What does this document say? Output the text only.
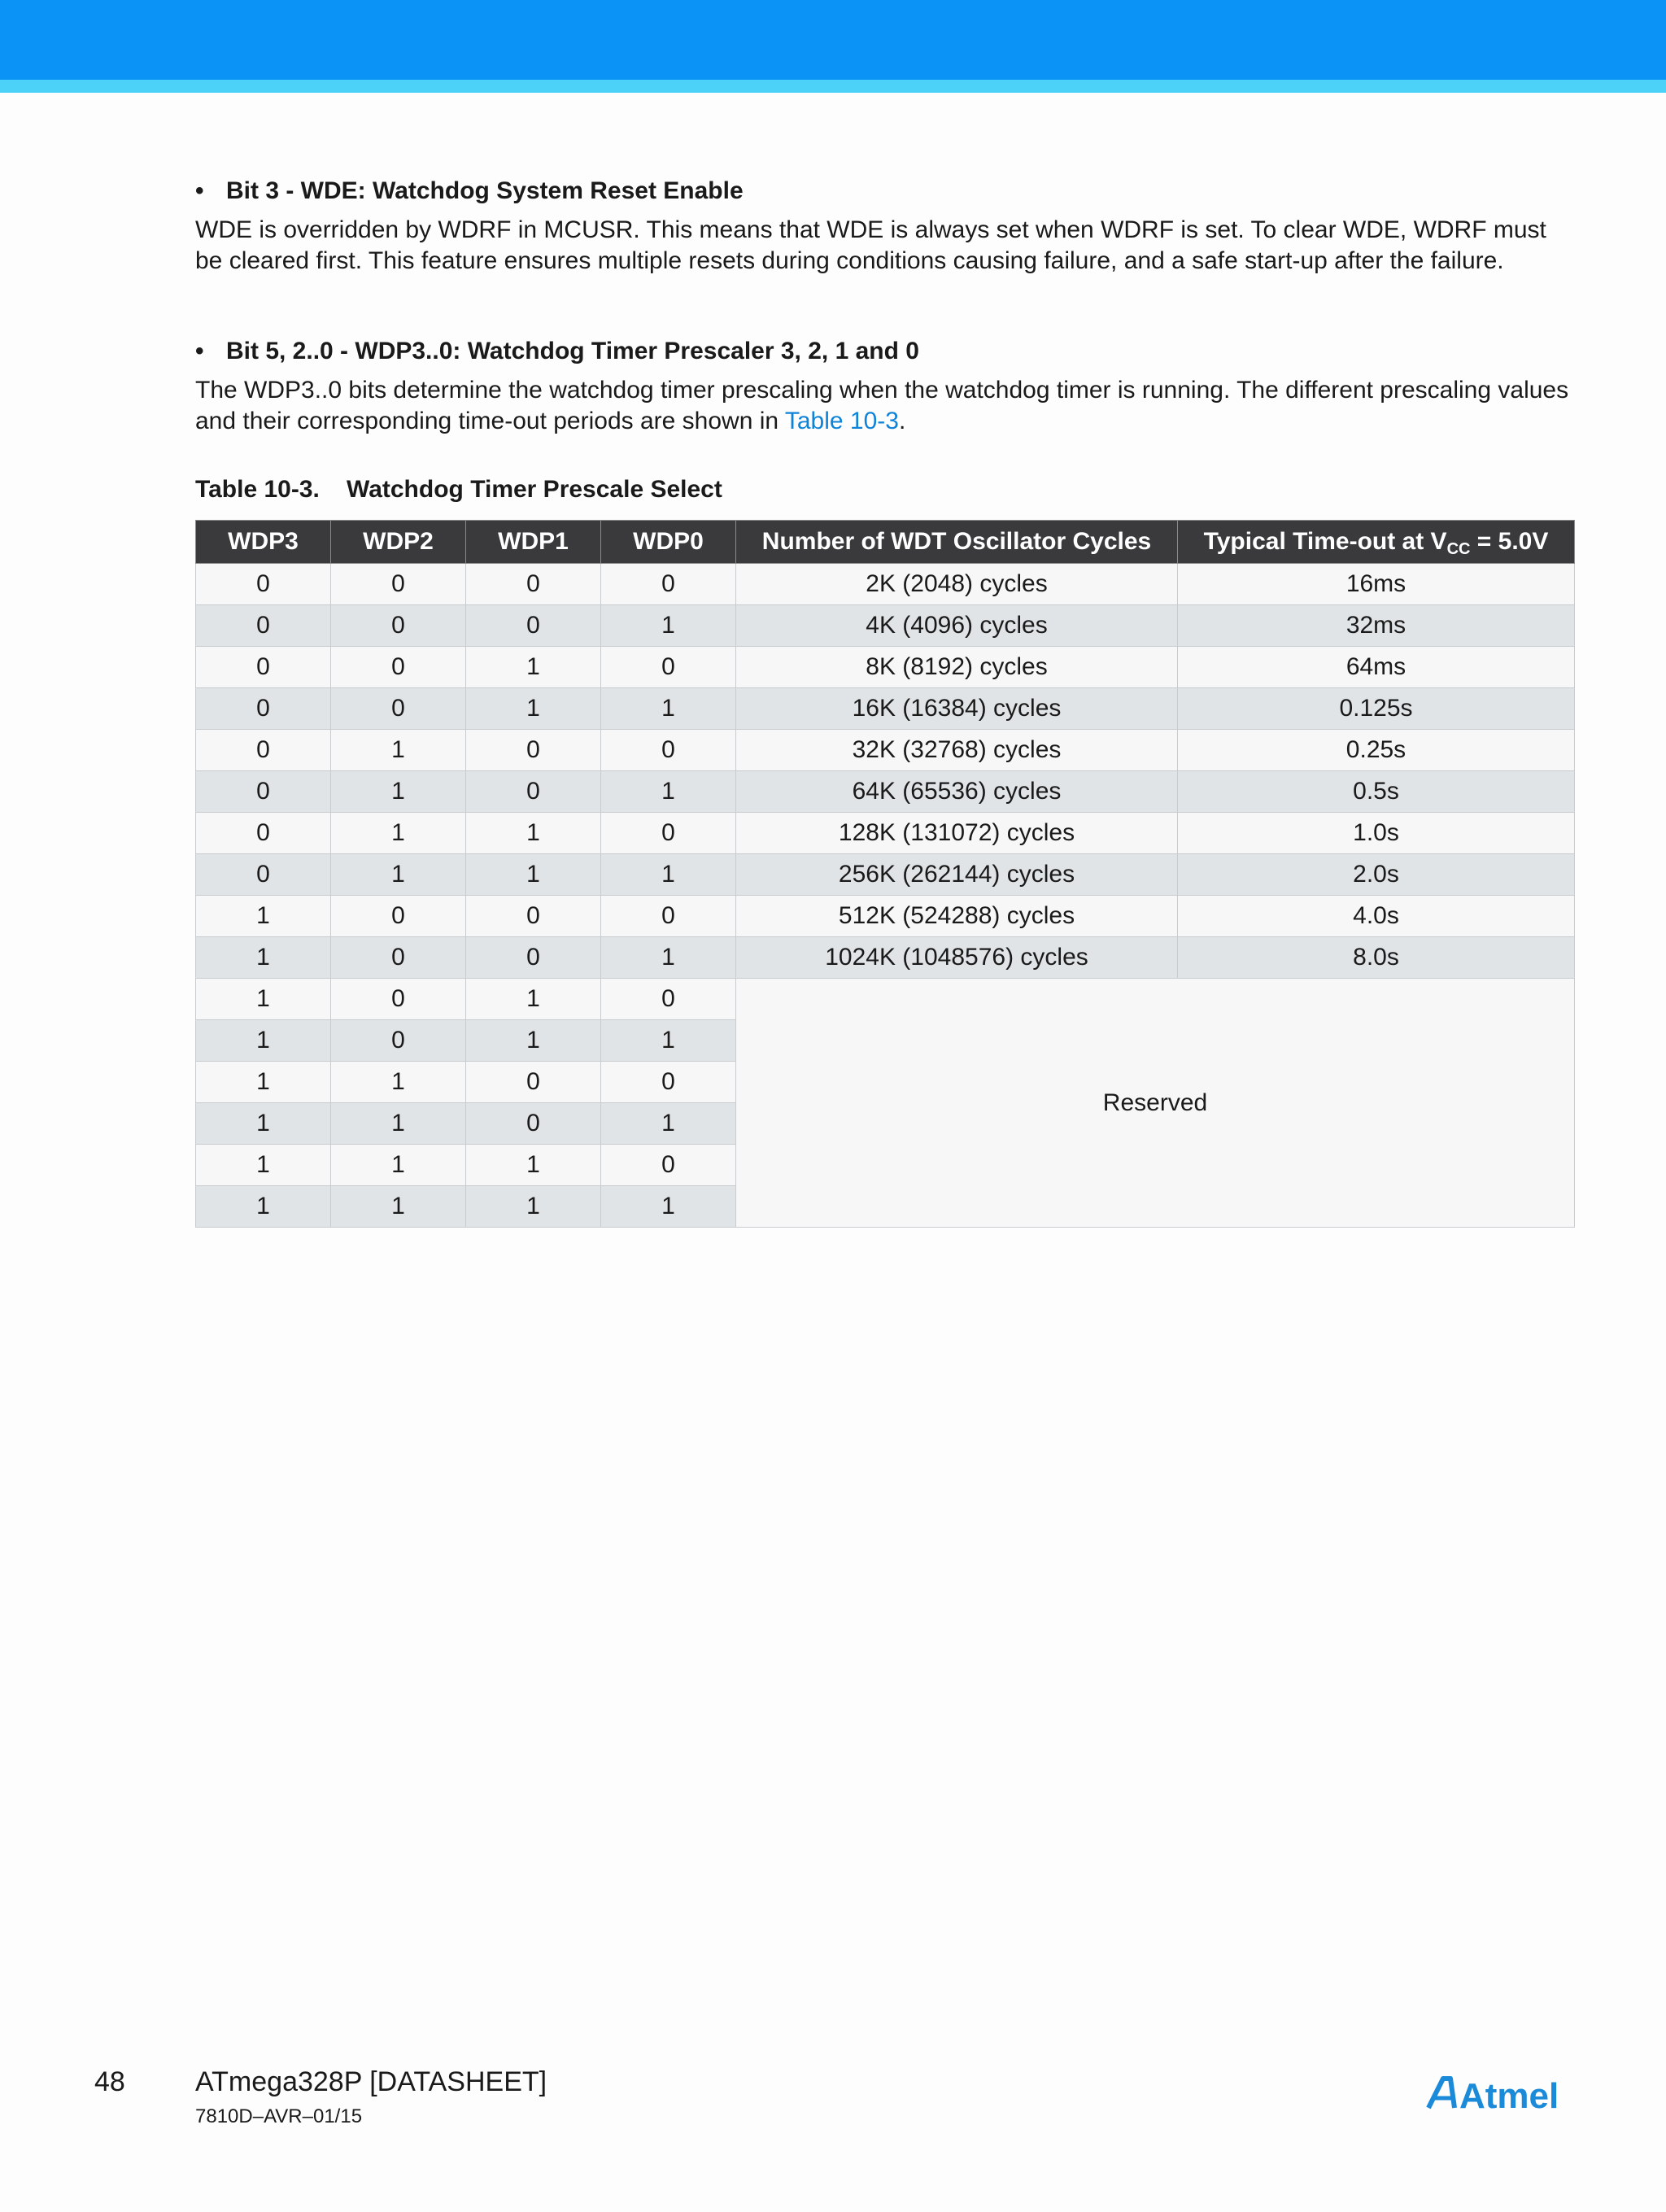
• Bit 3 - WDE: Watchdog System Reset Enable
WDE is overridden by WDRF in MCUSR. This means that WDE is always set when WDRF is set. To clear WDE, WDRF must be cleared first. This feature ensures multiple resets during conditions causing failure, and a safe start-up after the failure.
• Bit 5, 2..0 - WDP3..0: Watchdog Timer Prescaler 3, 2, 1 and 0
The WDP3..0 bits determine the watchdog timer prescaling when the watchdog timer is running. The different prescaling values and their corresponding time-out periods are shown in Table 10-3.
Table 10-3. Watchdog Timer Prescale Select
WDP3	WDP2	WDP1	WDP0	Number of WDT Oscillator Cycles	Typical Time-out at $V_{CC} = 5.0V$
0	0	0	0	2K (2048) cycles	16ms
0	0	0	1	4K (4096) cycles	32ms
0	0	1	0	8K (8192) cycles	64ms
0	0	1	1	16K (16384) cycles	0.125s
0	1	0	0	32K (32768) cycles	0.25s
0	1	0	1	64K (65536) cycles	0.5s
0	1	1	0	128K (131072) cycles	1.0s
0	1	1	1	256K (262144) cycles	2.0s
1	0	0	0	512K (524288) cycles	4.0s
1	0	0	1	1024K (1048576) cycles	8.0s
1	0	1	0	Reserved	
1	0	1	1		
1	1	0	0		
1	1	0	1		
1	1	1	0		
1	1	1	1		
48	ATmega328P [DATASHEET]
7810D–AVR–01/15
Atmel
